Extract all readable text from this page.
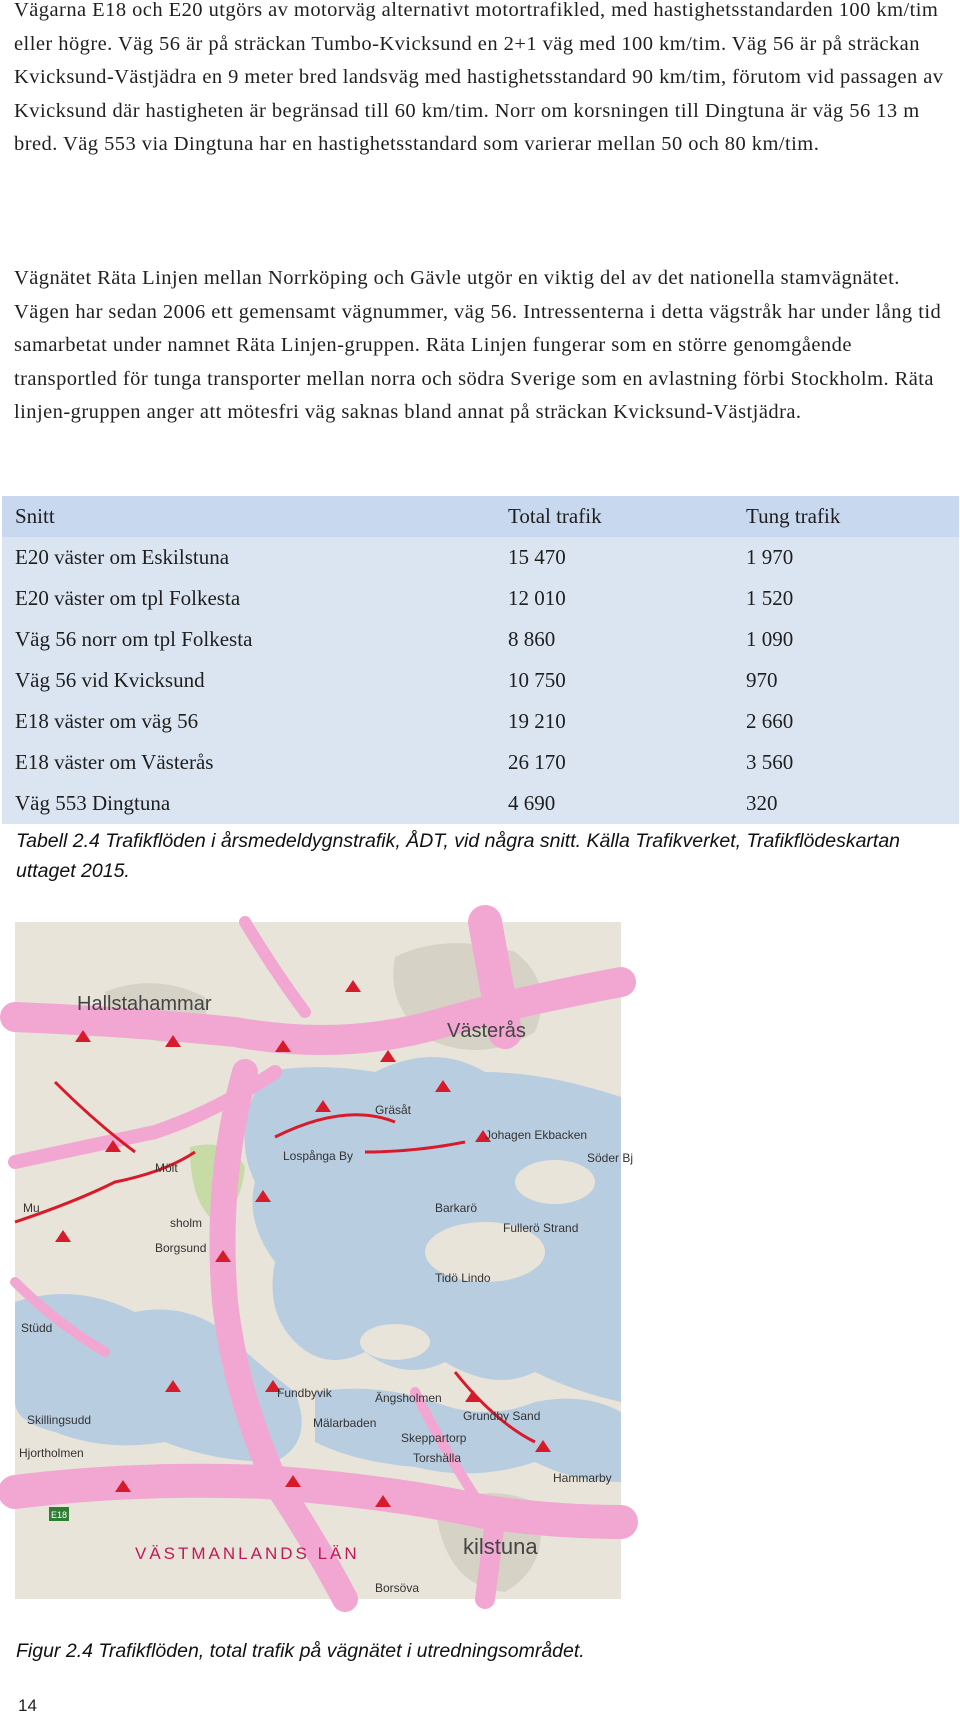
Vägarna E18 och E20 utgörs av motorväg alternativt motortrafikled, med hastighetsstandarden 100 km/tim eller högre. Väg 56 är på sträckan Tumbo-Kvicksund en 2+1 väg med 100 km/tim. Väg 56 är på sträckan Kvicksund-Västjädra en 9 meter bred landsväg med hastighetsstandard 90 km/tim, förutom vid passagen av Kvicksund där hastigheten är begränsad till 60 km/tim. Norr om korsningen till Dingtuna är väg 56 13 m bred. Väg 553 via Dingtuna har en hastighetsstandard som varierar mellan 50 och 80 km/tim.

Vägnätet Räta Linjen mellan Norrköping och Gävle utgör en viktig del av det nationella stamvägnätet. Vägen har sedan 2006 ett gemensamt vägnummer, väg 56. Intressenterna i detta vägstråk har under lång tid samarbetat under namnet Räta Linjen-gruppen. Räta Linjen fungerar som en större genomgående transportled för tunga transporter mellan norra och södra Sverige som en avlastning förbi Stockholm. Räta linjen-gruppen anger att mötesfri väg saknas bland annat på sträckan Kvicksund-Västjädra.

Snitt	Total trafik	Tung trafik
E20 väster om Eskilstuna	15 470	1 970
E20 väster om tpl Folkesta	12 010	1 520
Väg 56 norr om tpl Folkesta	8 860	1 090
Väg 56 vid Kvicksund	10 750	970
E18 väster om väg 56	19 210	2 660
E18 väster om Västerås	26 170	3 560
Väg 553 Dingtuna	4 690	320

Tabell 2.4 Trafikflöden i årsmedeldygnstrafik, ÅDT, vid några snitt. Källa Trafikverket, Trafikflödeskartan uttaget 2015.

E18
Hallstahammar
Västerås
Gräsåt
Johagen Ekbacken
Söder Bj
Lospånga By
Mölt
Barkarö
Fullerö Strand
sholm
Borgsund
Mu
Tidö Lindo
Stüdd
Ängsholmen
Fundbyvik
Grundby Sand
Mälarbaden
Skillingsudd
Skeppartorp
Torshälla
Hammarby
Hjortholmen
VÄSTMANLANDS LÄN	kilstuna
Borsöva

Figur 2.4 Trafikflöden, total trafik på vägnätet i utredningsområdet.

14
